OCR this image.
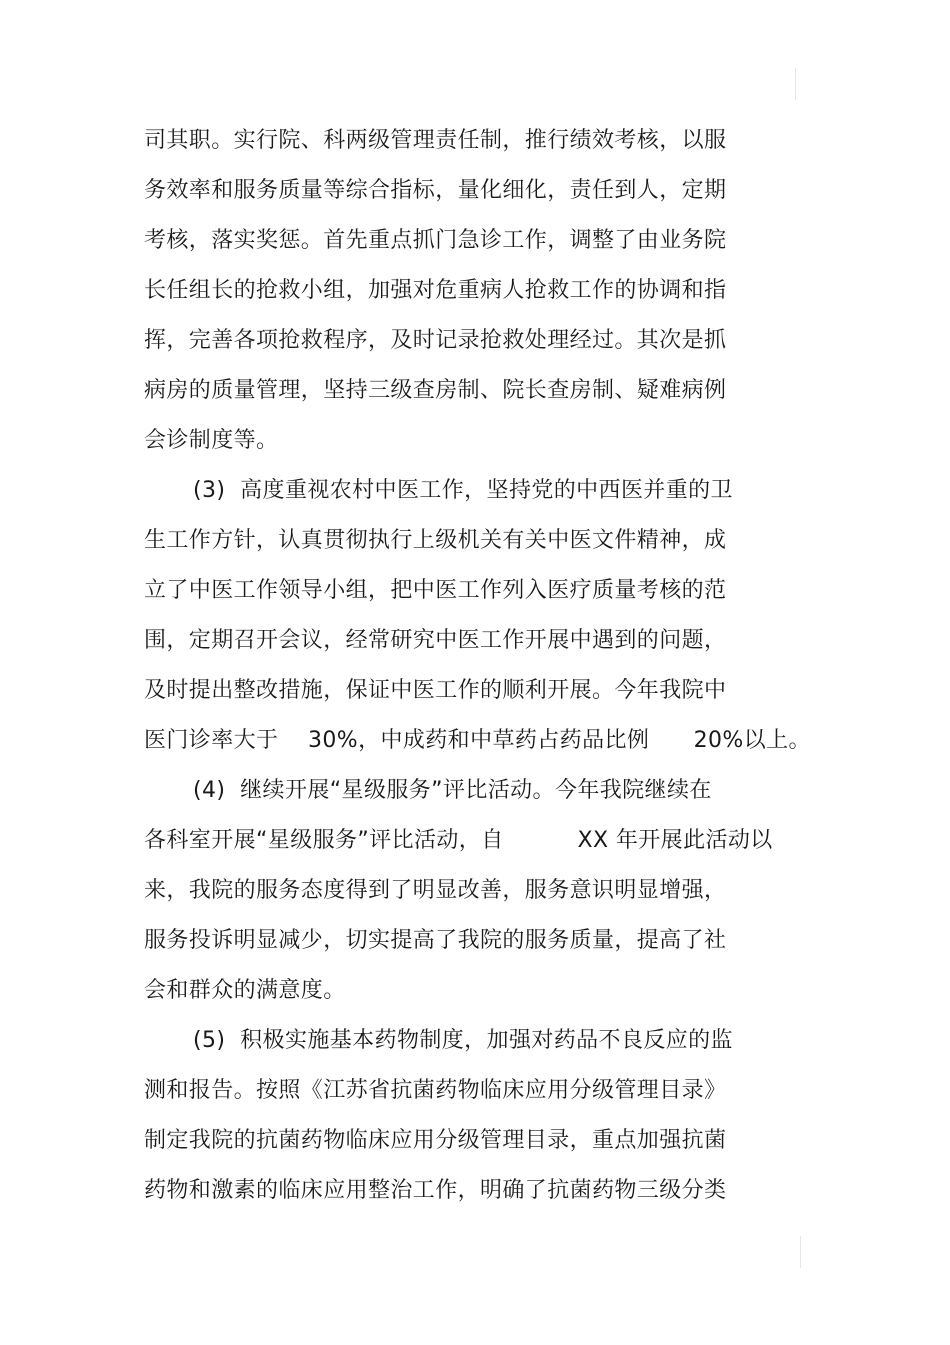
司其职。实行院、科两级管理责任制，推行绩效考核，以服
务效率和服务质量等综合指标，量化细化，责任到人，定期
考核，落实奖惩。首先重点抓门急诊工作，调整了由业务院
长任组长的抢救小组，加强对危重病人抢救工作的协调和指
挥，完善各项抢救程序，及时记录抢救处理经过。其次是抓
病房的质量管理，坚持三级查房制、院长查房制、疑难病例
会诊制度等。
(3)  高度重视农村中医工作，坚持党的中西医并重的卫
生工作方针，认真贯彻执行上级机关有关中医文件精神，成
立了中医工作领导小组，把中医工作列入医疗质量考核的范
围，定期召开会议，经常研究中医工作开展中遇到的问题，
及时提出整改措施，保证中医工作的顺利开展。今年我院中
医门诊率大于    30%，中成药和中草药占药品比例      20%以上。
(4)  继续开展“星级服务”评比活动。今年我院继续在
各科室开展“星级服务”评比活动，自          XX 年开展此活动以
来，我院的服务态度得到了明显改善，服务意识明显增强，
服务投诉明显减少，切实提高了我院的服务质量，提高了社
会和群众的满意度。
(5)  积极实施基本药物制度，加强对药品不良反应的监
测和报告。按照《江苏省抗菌药物临床应用分级管理目录》
制定我院的抗菌药物临床应用分级管理目录，重点加强抗菌
药物和激素的临床应用整治工作，明确了抗菌药物三级分类
